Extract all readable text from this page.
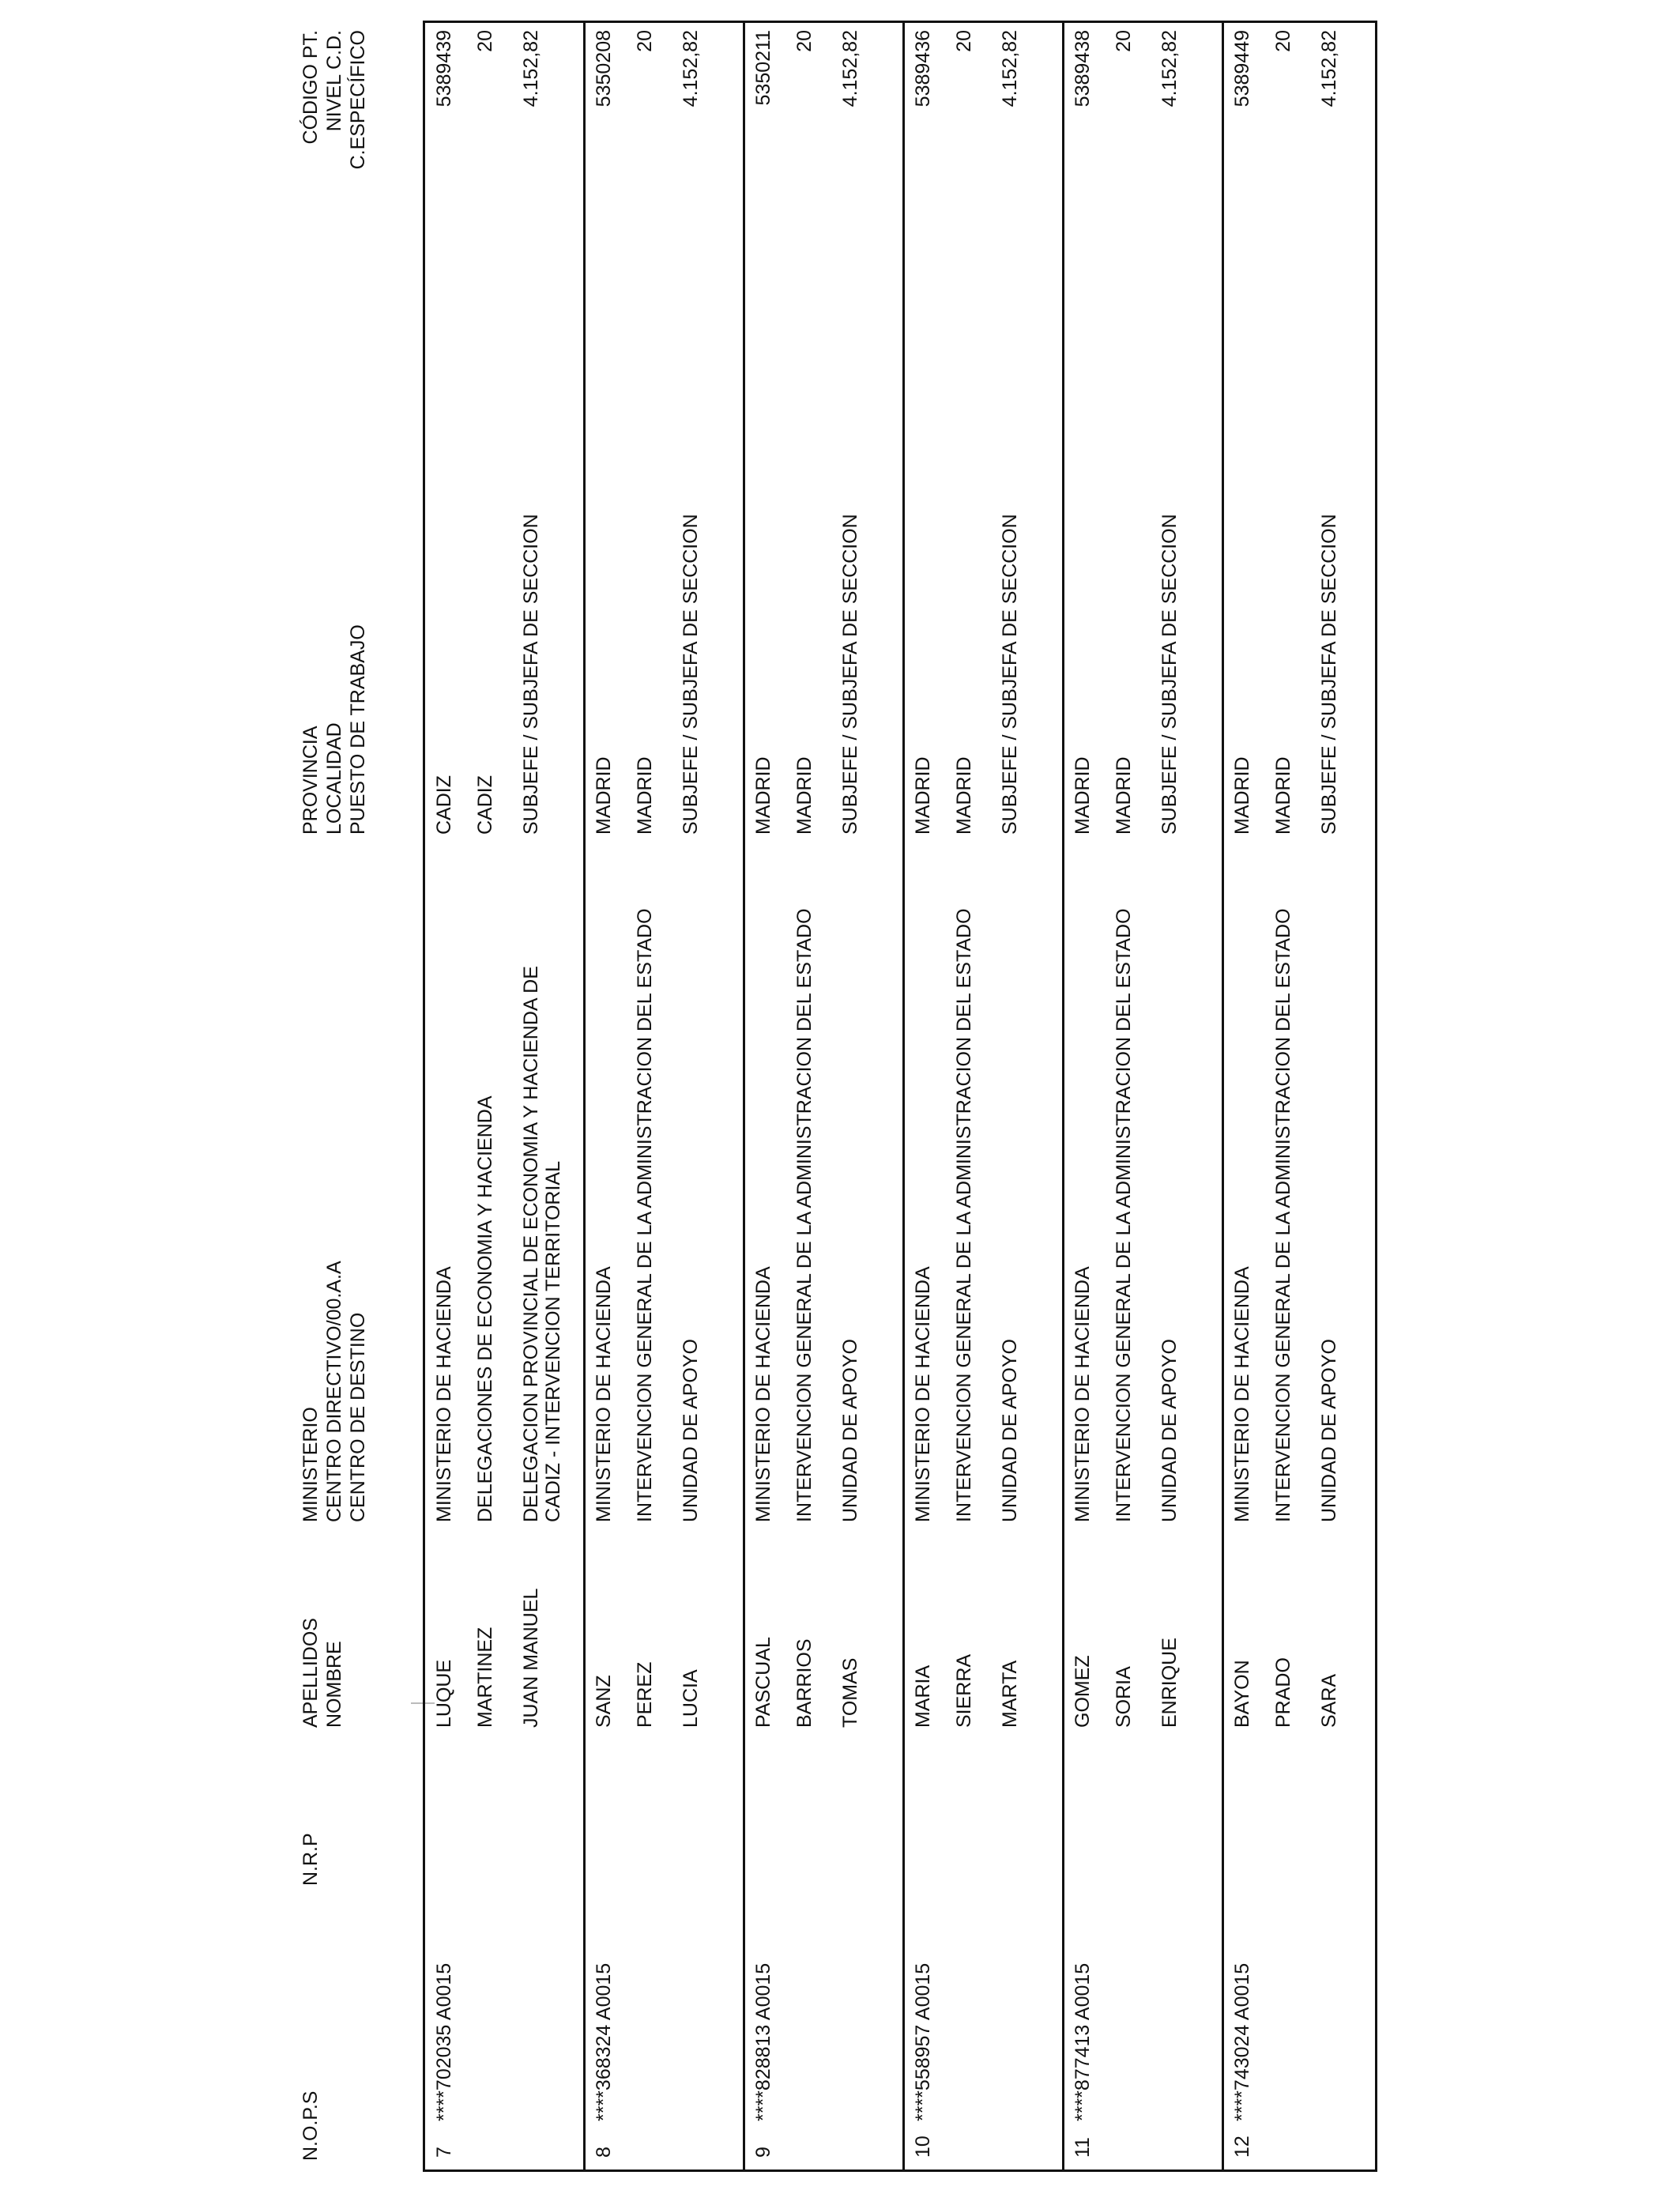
N.O.P.S
N.R.P
APELLIDOS NOMBRE
MINISTERIO CENTRO DIRECTIVO/00.A.A CENTRO DE DESTINO
PROVINCIA LOCALIDAD PUESTO DE TRABAJO
CÓDIGO PT. NIVEL C.D. C.ESPECÍFICO
7
****702035 A0015
LUQUE MARTINEZ JUAN MANUEL
MINISTERIO DE HACIENDA DELEGACIONES DE ECONOMIA Y HACIENDA DELEGACION PROVINCIAL DE ECONOMIA Y HACIENDA DE CADIZ - INTERVENCION TERRITORIAL
CADIZ CADIZ SUBJEFE / SUBJEFA DE SECCION
5389439 20 4.152,82
8
****368324 A0015
SANZ PEREZ LUCIA
MINISTERIO DE HACIENDA INTERVENCION GENERAL DE LA ADMINISTRACION DEL ESTADO UNIDAD DE APOYO
MADRID MADRID SUBJEFE / SUBJEFA DE SECCION
5350208 20 4.152,82
9
****828813 A0015
PASCUAL BARRIOS TOMAS
MINISTERIO DE HACIENDA INTERVENCION GENERAL DE LA ADMINISTRACION DEL ESTADO UNIDAD DE APOYO
MADRID MADRID SUBJEFE / SUBJEFA DE SECCION
5350211 20 4.152,82
10
****558957 A0015
MARIA SIERRA MARTA
MINISTERIO DE HACIENDA INTERVENCION GENERAL DE LA ADMINISTRACION DEL ESTADO UNIDAD DE APOYO
MADRID MADRID SUBJEFE / SUBJEFA DE SECCION
5389436 20 4.152,82
11
****877413 A0015
GOMEZ SORIA ENRIQUE
MINISTERIO DE HACIENDA INTERVENCION GENERAL DE LA ADMINISTRACION DEL ESTADO UNIDAD DE APOYO
MADRID MADRID SUBJEFE / SUBJEFA DE SECCION
5389438 20 4.152,82
12
****743024 A0015
BAYON PRADO SARA
MINISTERIO DE HACIENDA INTERVENCION GENERAL DE LA ADMINISTRACION DEL ESTADO UNIDAD DE APOYO
MADRID MADRID SUBJEFE / SUBJEFA DE SECCION
5389449 20 4.152,82
